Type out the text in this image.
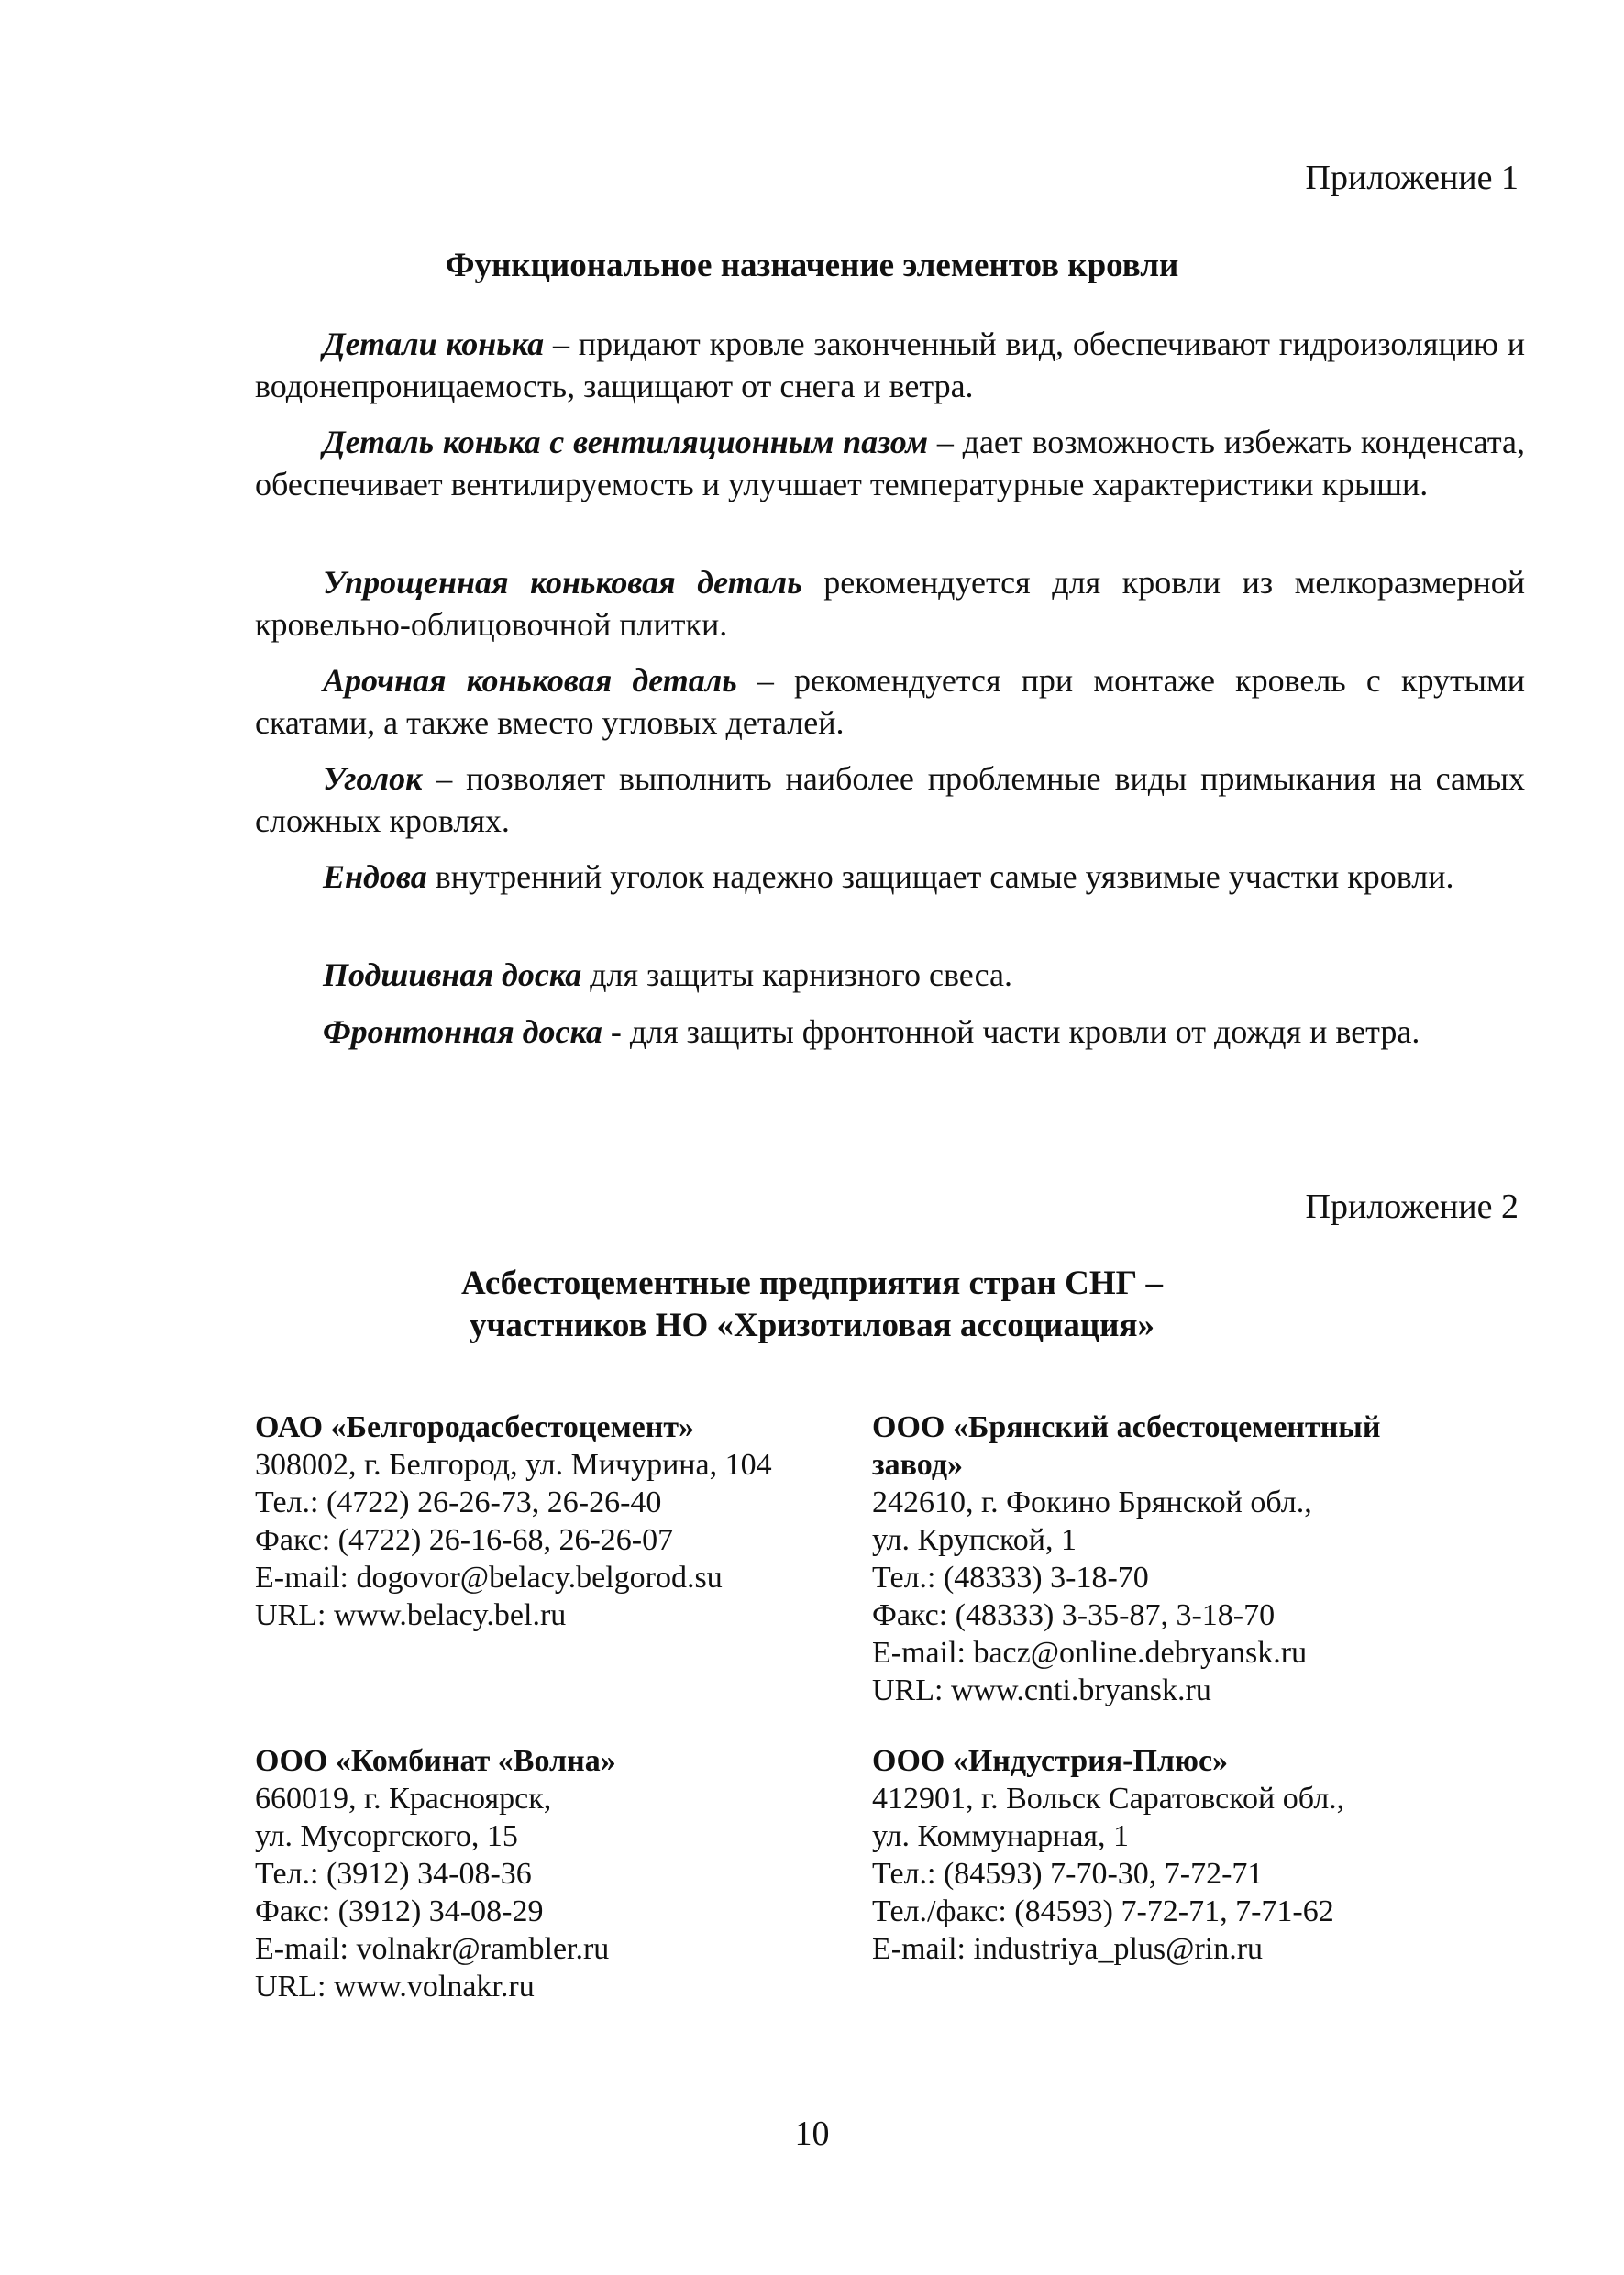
Приложение 1
Функциональное назначение элементов кровли

Детали конька – придают кровле законченный вид, обеспечивают гидроизоляцию и водонепроницаемость, защищают от снега и ветра.

Деталь конька с вентиляционным пазом – дает возможность избежать конденсата, обеспечивает вентилируемость и улучшает температурные характеристики крыши.

Упрощенная коньковая деталь рекомендуется для кровли из мелкоразмерной кровельно-облицовочной плитки.

Арочная коньковая деталь – рекомендуется при монтаже кровель с крутыми скатами, а также вместо угловых деталей.

Уголок – позволяет выполнить наиболее проблемные виды примыкания на самых сложных кровлях.

Ендова внутренний уголок надежно защищает самые уязвимые участки кровли.

Подшивная доска для защиты карнизного свеса.

Фронтонная доска - для защиты фронтонной части кровли от дождя и ветра.

Приложение 2
Асбестоцементные предприятия стран СНГ –
участников НО «Хризотиловая ассоциация»
ОАО «Белгородасбестоцемент»
308002, г. Белгород, ул. Мичурина, 104
Тел.: (4722) 26-26-73, 26-26-40
Факс: (4722) 26-16-68, 26-26-07
E-mail: dogovor@belacy.belgorod.su
URL: www.belacy.bel.ru
ООО «Брянский асбестоцементный
завод»
242610, г. Фокино Брянской обл.,
ул. Крупской, 1
Тел.: (48333) 3-18-70
Факс: (48333) 3-35-87, 3-18-70
E-mail: bacz@online.debryansk.ru
URL: www.cnti.bryansk.ru
ООО «Комбинат «Волна»
660019, г. Красноярск,
ул. Мусоргского, 15
Тел.: (3912) 34-08-36
Факс: (3912) 34-08-29
E-mail: volnakr@rambler.ru
URL: www.volnakr.ru
ООО «Индустрия-Плюс»
412901, г. Вольск Саратовской обл.,
ул. Коммунарная, 1
Тел.: (84593) 7-70-30, 7-72-71
Тел./факс: (84593) 7-72-71, 7-71-62
E-mail: industriya_plus@rin.ru
10
